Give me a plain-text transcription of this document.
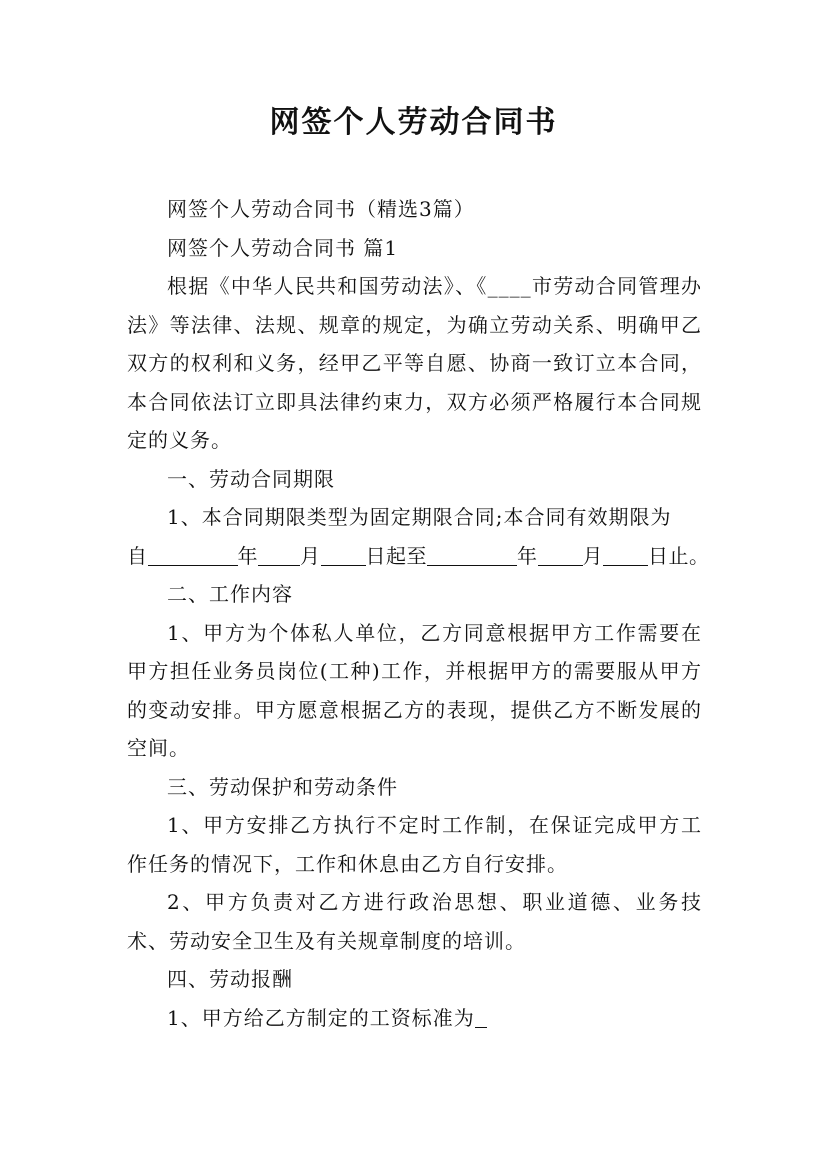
网签个人劳动合同书

网签个人劳动合同书（精选3篇）

网签个人劳动合同书 篇1

根据《中华人民共和国劳动法》、《____市劳动合同管理办法》等法律、法规、规章的规定，为确立劳动关系、明确甲乙双方的权利和义务，经甲乙平等自愿、协商一致订立本合同，本合同依法订立即具法律约束力，双方必须严格履行本合同规定的义务。

一、劳动合同期限

1、本合同期限类型为固定期限合同;本合同有效期限为
自	年 月 日起至	年 月 日止。

二、工作内容

1、甲方为个体私人单位，乙方同意根据甲方工作需要在甲方担任业务员岗位(工种)工作，并根据甲方的需要服从甲方的变动安排。甲方愿意根据乙方的表现，提供乙方不断发展的空间。

三、劳动保护和劳动条件

1、甲方安排乙方执行不定时工作制，在保证完成甲方工作任务的情况下，工作和休息由乙方自行安排。

2、甲方负责对乙方进行政治思想、职业道德、业务技术、劳动安全卫生及有关规章制度的培训。

四、劳动报酬

1、甲方给乙方制定的工资标准为
